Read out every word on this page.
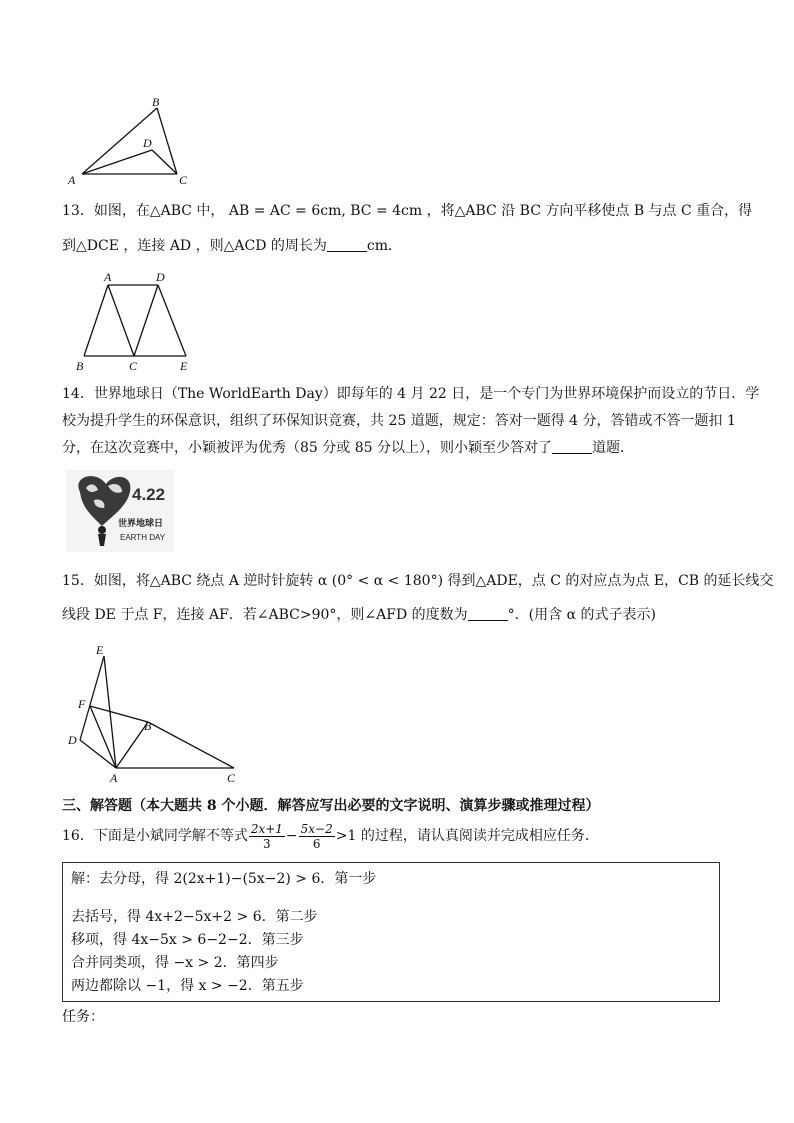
B
D
A	C
13．如图，在△ABC 中， AB = AC = 6cm, BC = 4cm ，将△ABC 沿 BC 方向平移使点 B 与点 C 重合，得
到△DCE ，连接 AD ，则△ACD 的周长为	cm．
A	D
B	C	E
14．世界地球日（The WorldEarth Day）即每年的 4 月 22 日，是一个专门为世界环境保护而设立的节日．学
校为提升学生的环保意识，组织了环保知识竞赛，共 25 道题，规定：答对一题得 4 分，答错或不答一题扣 1
分，在这次竞赛中，小颖被评为优秀（85 分或 85 分以上），则小颖至少答对了	道题．
4.22
世界地球日
EARTH DAY
15．如图，将△ABC 绕点 A 逆时针旋转 α (0° < α < 180°) 得到△ADE，点 C 的对应点为点 E，CB 的延长线交
线段 DE 于点 F，连接 AF．若∠ABC>90°，则∠AFD 的度数为	°．(用含 α 的式子表示)
E
F
B
D
A	C
三、解答题（本大题共 8 个小题．解答应写出必要的文字说明、演算步骤或推理过程）
16．下面是小斌同学解不等式 $\frac{2x+1}{3} - \frac{5x-2}{6} >1$ 的过程，请认真阅读并完成相应任务．
解：去分母，得 2(2x+1)−(5x−2) > 6．第一步
去括号，得 4x+2−5x+2 > 6．第二步
移项，得 4x−5x > 6−2−2．第三步
合并同类项，得 −x > 2．第四步
两边都除以 −1，得 x > −2．第五步
任务：
